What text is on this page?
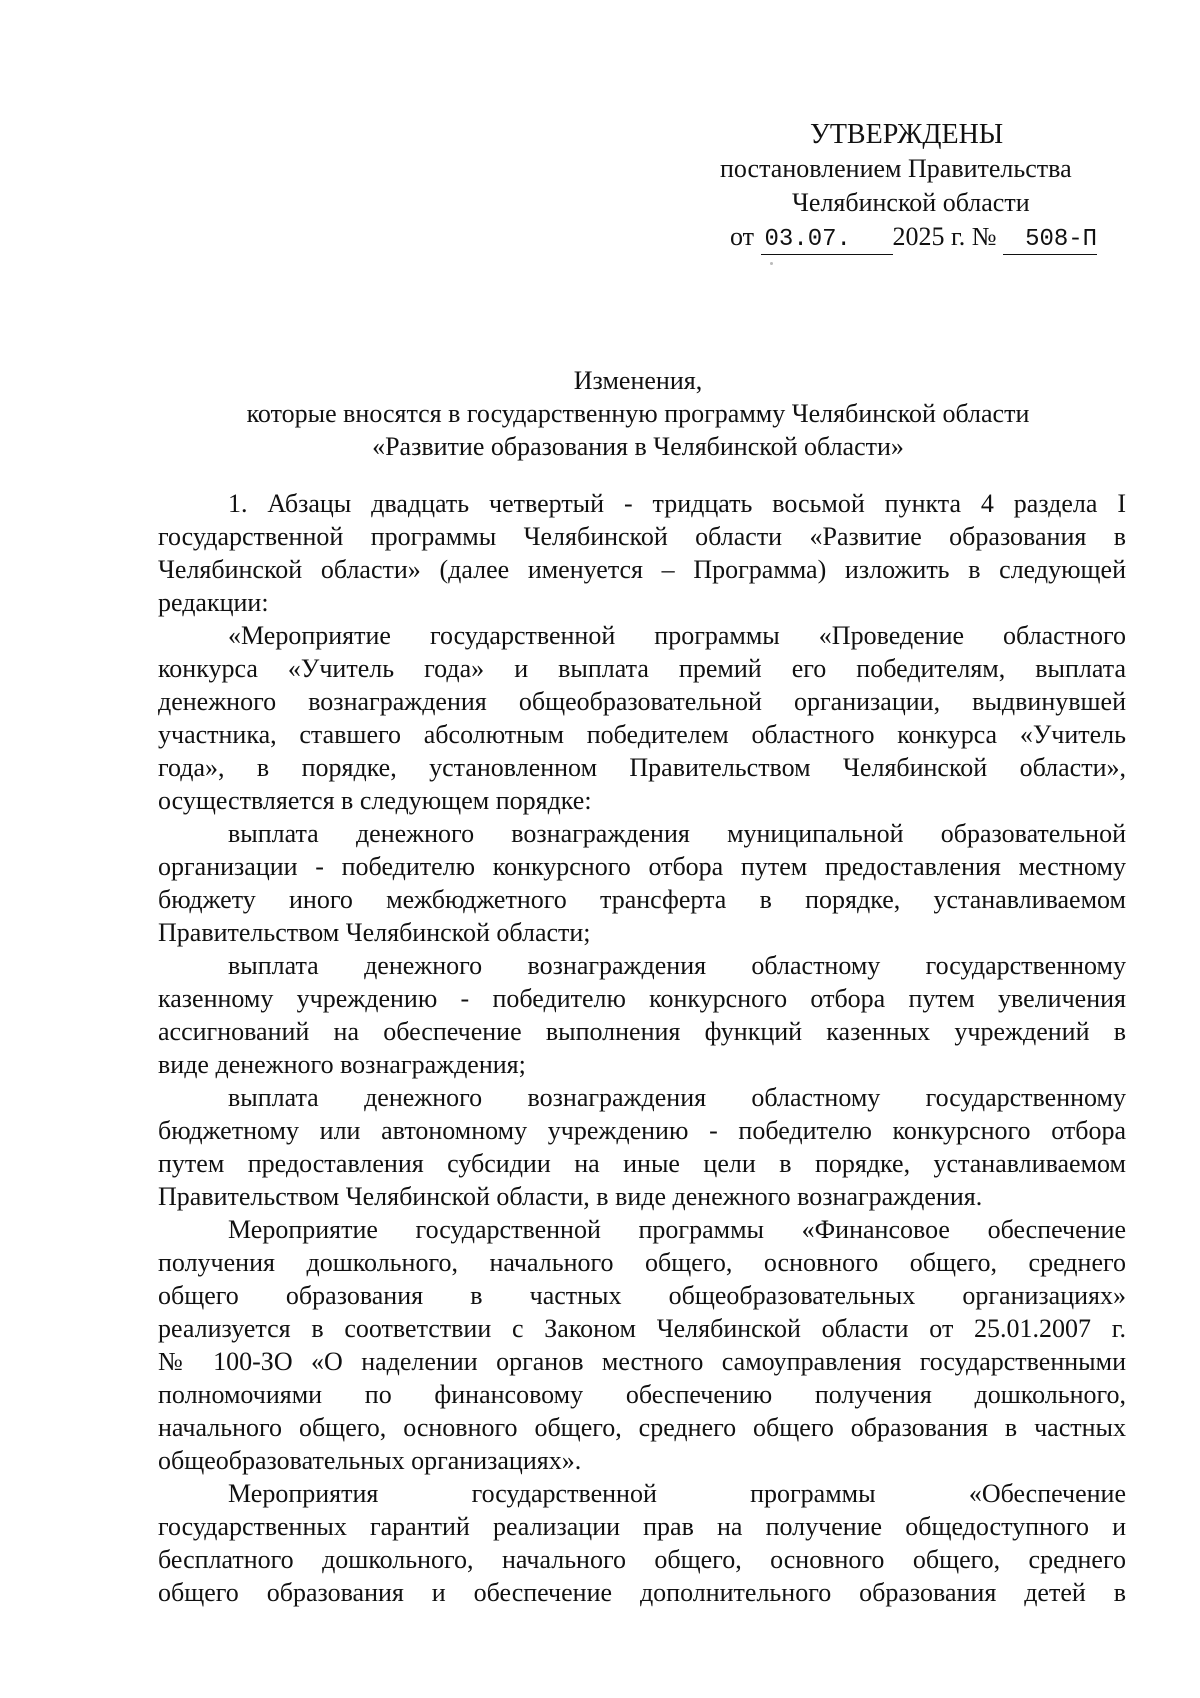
УТВЕРЖДЕНЫ
постановлением Правительства
Челябинской области
от 03.07. 2025 г. № 508-П
Изменения,
которые вносятся в государственную программу Челябинской области
«Развитие образования в Челябинской области»
1. Абзацы двадцать четвертый - тридцать восьмой пункта 4 раздела I
государственной программы Челябинской области «Развитие образования в
Челябинской области» (далее именуется – Программа) изложить в следующей
редакции:
«Мероприятие государственной программы «Проведение областного
конкурса «Учитель года» и выплата премий его победителям, выплата
денежного вознаграждения общеобразовательной организации, выдвинувшей
участника, ставшего абсолютным победителем областного конкурса «Учитель
года», в порядке, установленном Правительством Челябинской области»,
осуществляется в следующем порядке:
выплата денежного вознаграждения муниципальной образовательной
организации - победителю конкурсного отбора путем предоставления местному
бюджету иного межбюджетного трансферта в порядке, устанавливаемом
Правительством Челябинской области;
выплата денежного вознаграждения областному государственному
казенному учреждению - победителю конкурсного отбора путем увеличения
ассигнований на обеспечение выполнения функций казенных учреждений в
виде денежного вознаграждения;
выплата денежного вознаграждения областному государственному
бюджетному или автономному учреждению - победителю конкурсного отбора
путем предоставления субсидии на иные цели в порядке, устанавливаемом
Правительством Челябинской области, в виде денежного вознаграждения.
Мероприятие государственной программы «Финансовое обеспечение
получения дошкольного, начального общего, основного общего, среднего
общего образования в частных общеобразовательных организациях»
реализуется в соответствии с Законом Челябинской области от 25.01.2007 г.
№ 100-ЗО «О наделении органов местного самоуправления государственными
полномочиями по финансовому обеспечению получения дошкольного,
начального общего, основного общего, среднего общего образования в частных
общеобразовательных организациях».
Мероприятия государственной программы «Обеспечение
государственных гарантий реализации прав на получение общедоступного и
бесплатного дошкольного, начального общего, основного общего, среднего
общего образования и обеспечение дополнительного образования детей в
